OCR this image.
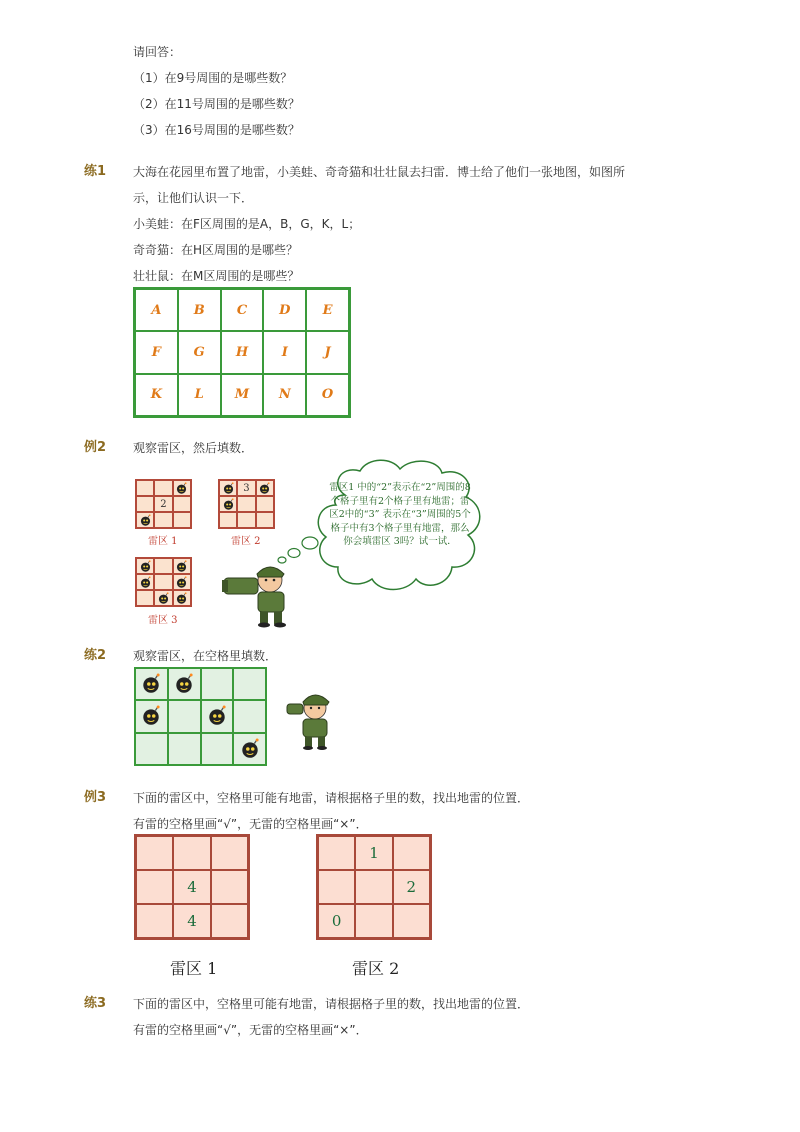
请回答：
（1）在9号周围的是哪些数？
（2）在11号周围的是哪些数？
（3）在16号周围的是哪些数？
练1 大海在花园里布置了地雷，小美蛙、奇奇猫和壮壮鼠去扫雷．博士给了他们一张地图，如图所
示，让他们认识一下．
小美蛙：在F区周围的是A，B，G，K，L；
奇奇猫：在H区周围的是哪些？
壮壮鼠：在M区周围的是哪些？
A	B	C	D	E
F	G	H	I	J
K	L	M	N	O
例2 观察雷区，然后填数．
2
雷区 1
3
雷区 2
雷区 3
雷区1 中的“2”表示在“2”周围的8个格子里有2个格子里有地雷；雷区2中的“3” 表示在“3”周围的5个格子中有3个格子里有地雷，那么你会填雷区 3吗？试一试．
练2 观察雷区，在空格里填数．
例3 下面的雷区中，空格里可能有地雷，请根据格子里的数，找出地雷的位置．
有雷的空格里画“√”，无雷的空格里画“×”．
4
4
雷区 1
1
2
0
雷区 2
练3 下面的雷区中，空格里可能有地雷，请根据格子里的数，找出地雷的位置．
有雷的空格里画“√”，无雷的空格里画“×”．
